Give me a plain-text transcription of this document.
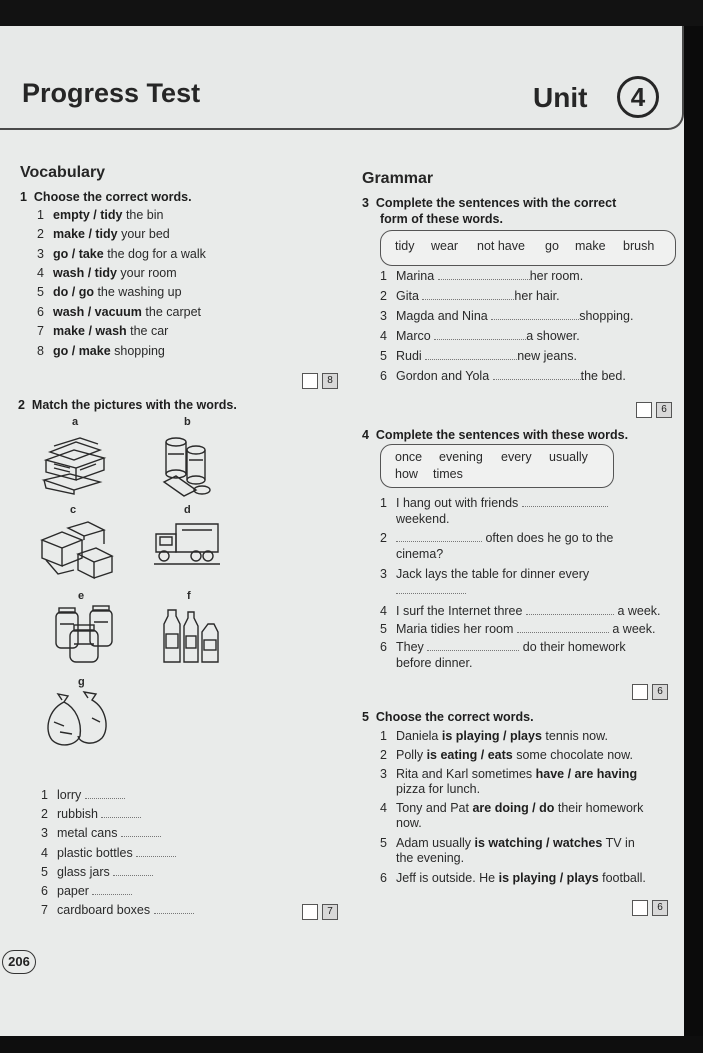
Progress Test	Unit	4
Vocabulary
1 Choose the correct words.
1 empty / tidy the bin
2 make / tidy your bed
3 go / take the dog for a walk
4 wash / tidy your room
5 do / go the washing up
6 wash / vacuum the carpet
7 make / wash the car
8 go / make shopping
8
2 Match the pictures with the words.
a	b
c	d
e	f
g
1 lorry
2 rubbish
3 metal cans
4 plastic bottles
5 glass jars
6 paper
7 cardboard boxes	7
Grammar
3 Complete the sentences with the correct
form of these words.
tidy wear not have go make brush
1 Marina	her room.
2 Gita	her hair.
3 Magda and Nina	shopping.
4 Marco	a shower.
5 Rudi	new jeans.
6 Gordon and Yola	the bed.
6
4 Complete the sentences with these words.
once evening every usually
how times
1 I hang out with friends
weekend.
2	often does he go to the
cinema?
3 Jack lays the table for dinner every
4 I surf the Internet three	a week.
5 Maria tidies her room	a week.
6 They	do their homework
before dinner.
6
5 Choose the correct words.
1 Daniela is playing / plays tennis now.
2 Polly is eating / eats some chocolate now.
3 Rita and Karl sometimes have / are having
pizza for lunch.
4 Tony and Pat are doing / do their homework
now.
5 Adam usually is watching / watches TV in
the evening.
6 Jeff is outside. He is playing / plays football.
6
206
